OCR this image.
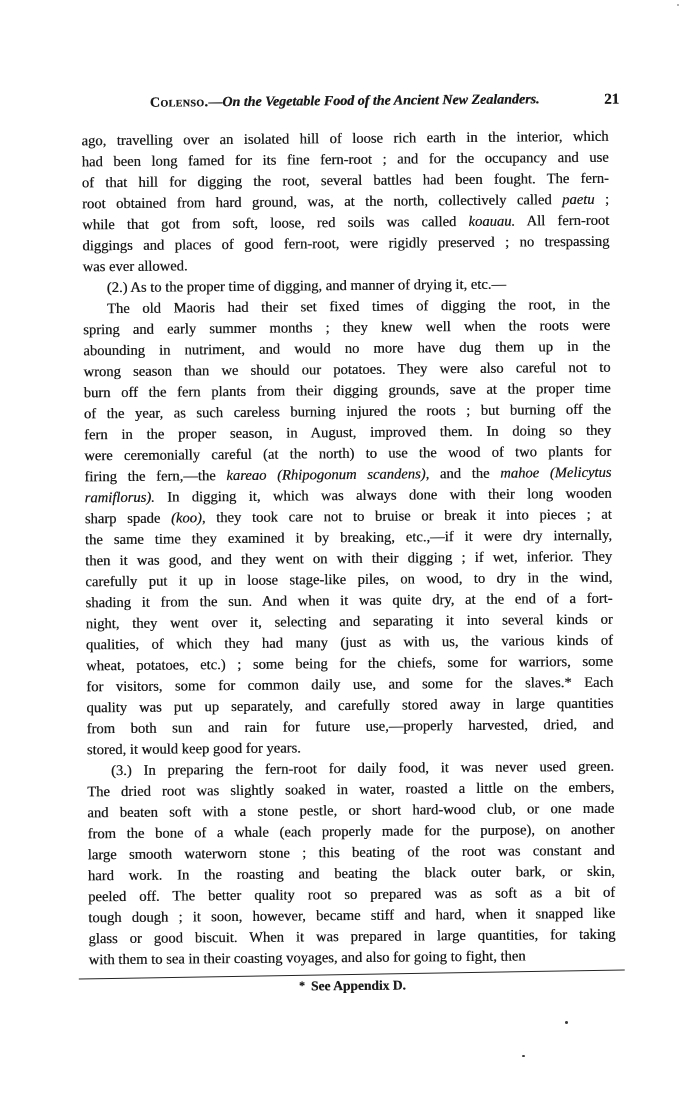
Colenso.—On the Vegetable Food of the Ancient New Zealanders.	21
ago, travelling over an isolated hill of loose rich earth in the interior, which
had been long famed for its fine fern-root ; and for the occupancy and use
of that hill for digging the root, several battles had been fought. The fern-
root obtained from hard ground, was, at the north, collectively called paetu ;
while that got from soft, loose, red soils was called koauau. All fern-root
diggings and places of good fern-root, were rigidly preserved ; no trespassing
was ever allowed.
(2.) As to the proper time of digging, and manner of drying it, etc.—
The old Maoris had their set fixed times of digging the root, in the
spring and early summer months ; they knew well when the roots were
abounding in nutriment, and would no more have dug them up in the
wrong season than we should our potatoes. They were also careful not to
burn off the fern plants from their digging grounds, save at the proper time
of the year, as such careless burning injured the roots ; but burning off the
fern in the proper season, in August, improved them. In doing so they
were ceremonially careful (at the north) to use the wood of two plants for
firing the fern,—the kareao (Rhipogonum scandens), and the mahoe (Melicytus
ramiflorus). In digging it, which was always done with their long wooden
sharp spade (koo), they took care not to bruise or break it into pieces ; at
the same time they examined it by breaking, etc.,—if it were dry internally,
then it was good, and they went on with their digging ; if wet, inferior. They
carefully put it up in loose stage-like piles, on wood, to dry in the wind,
shading it from the sun. And when it was quite dry, at the end of a fort-
night, they went over it, selecting and separating it into several kinds or
qualities, of which they had many (just as with us, the various kinds of
wheat, potatoes, etc.) ; some being for the chiefs, some for warriors, some
for visitors, some for common daily use, and some for the slaves.* Each
quality was put up separately, and carefully stored away in large quantities
from both sun and rain for future use,—properly harvested, dried, and
stored, it would keep good for years.
(3.) In preparing the fern-root for daily food, it was never used green.
The dried root was slightly soaked in water, roasted a little on the embers,
and beaten soft with a stone pestle, or short hard-wood club, or one made
from the bone of a whale (each properly made for the purpose), on another
large smooth waterworn stone ; this beating of the root was constant and
hard work. In the roasting and beating the black outer bark, or skin,
peeled off. The better quality root so prepared was as soft as a bit of
tough dough ; it soon, however, became stiff and hard, when it snapped like
glass or good biscuit. When it was prepared in large quantities, for taking
with them to sea in their coasting voyages, and also for going to fight, then
* See Appendix D.
